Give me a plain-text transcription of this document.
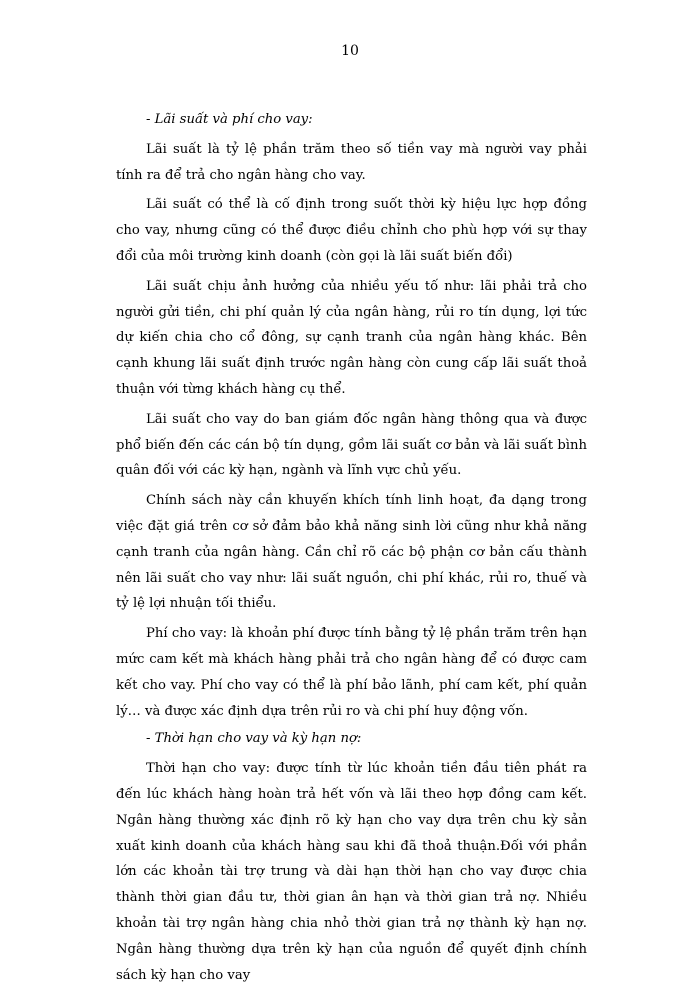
10

- Lãi suất và phí cho vay:

Lãi suất là tỷ lệ phần trăm theo số tiền vay mà người vay phải tính ra để trả cho ngân hàng cho vay.

Lãi suất có thể là cố định trong suốt thời kỳ hiệu lực hợp đồng cho vay, nhưng cũng có thể được điều chỉnh cho phù hợp với sự thay đổi của môi trường kinh doanh (còn gọi là lãi suất biến đổi)

Lãi suất chịu ảnh hưởng của nhiều yếu tố như: lãi phải trả cho người gửi tiền, chi phí quản lý của ngân hàng, rủi ro tín dụng, lợi tức dự kiến chia cho cổ đông, sự cạnh tranh của ngân hàng khác. Bên cạnh khung lãi suất định trước ngân hàng còn cung cấp lãi suất thoả thuận với từng khách hàng cụ thể.

Lãi suất cho vay do ban giám đốc ngân hàng thông qua và được phổ biến đến các cán bộ tín dụng, gồm lãi suất cơ bản và lãi suất bình quân đối với các kỳ hạn, ngành và lĩnh vực chủ yếu.

Chính sách này cần khuyến khích tính linh hoạt, đa dạng trong việc đặt giá trên cơ sở đảm bảo khả năng sinh lời cũng như khả năng cạnh tranh của ngân hàng. Cần chỉ rõ các bộ phận cơ bản cấu thành nên lãi suất cho vay như: lãi suất nguồn, chi phí khác, rủi ro, thuế và tỷ lệ lợi nhuận tối thiểu.

Phí cho vay: là khoản phí được tính bằng tỷ lệ phần trăm trên hạn mức cam kết mà khách hàng phải trả cho ngân hàng để có được cam kết cho vay. Phí cho vay có thể là phí bảo lãnh, phí cam kết, phí quản lý… và được xác định dựa trên rủi ro và chi phí huy động vốn.

- Thời hạn cho vay và kỳ hạn nợ:

Thời hạn cho vay: được tính từ lúc khoản tiền đầu tiên phát ra đến lúc khách hàng hoàn trả hết vốn và lãi theo hợp đồng cam kết. Ngân hàng thường xác định rõ kỳ hạn cho vay dựa trên chu kỳ sản xuất kinh doanh của khách hàng sau khi đã thoả thuận.Đối với phần lớn các khoản tài trợ trung và dài hạn thời hạn cho vay được chia thành thời gian đầu tư, thời gian ân hạn và thời gian trả nợ. Nhiều khoản tài trợ ngân hàng chia nhỏ thời gian trả nợ thành kỳ hạn nợ. Ngân hàng thường dựa trên kỳ hạn của nguồn để quyết định chính sách kỳ hạn cho vay
